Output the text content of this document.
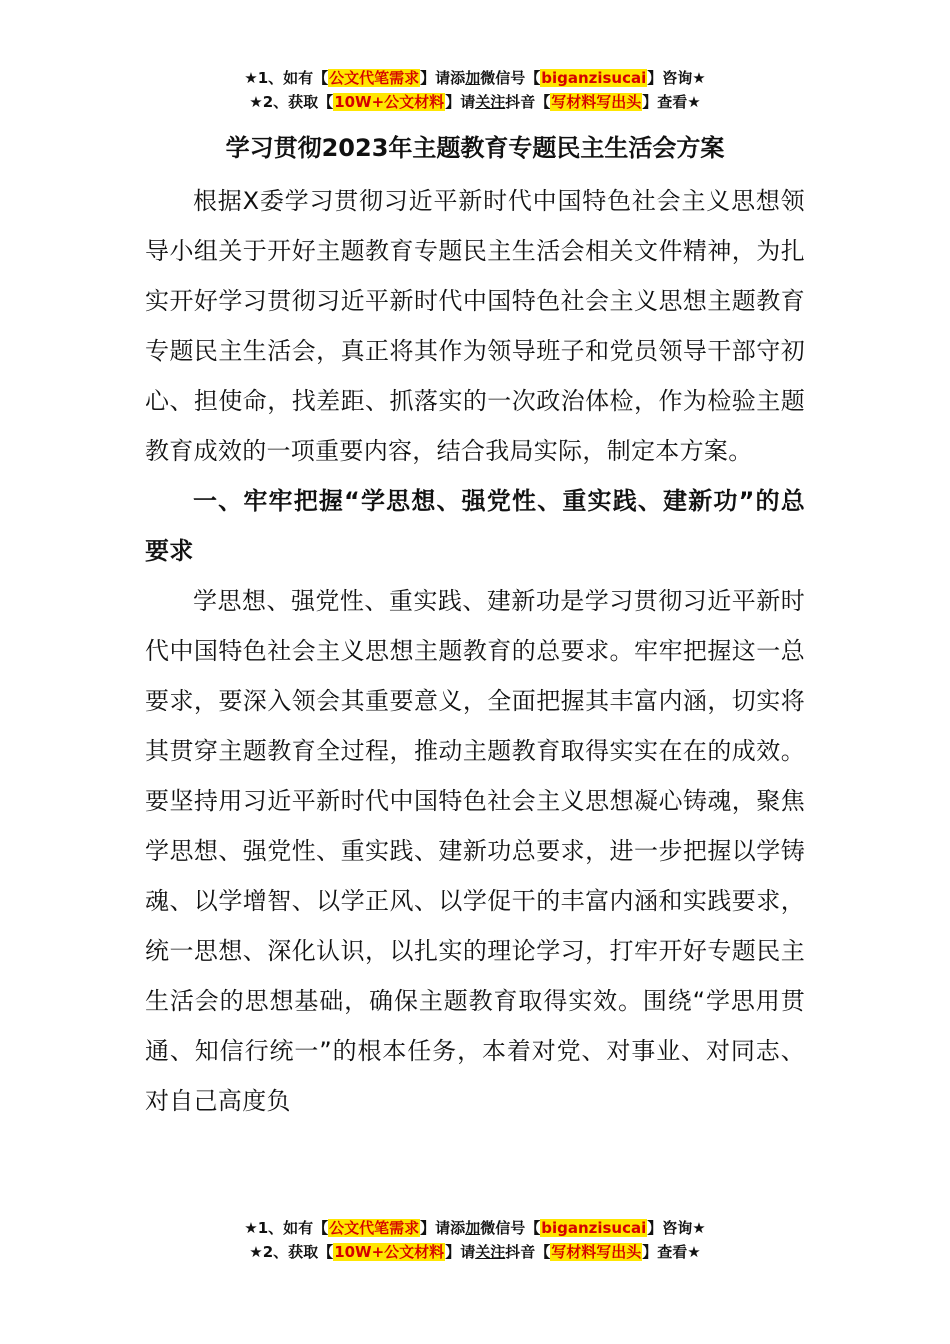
★1、如有【公文代笔需求】请添加微信号【biganzisucai】咨询★
★2、获取【10W+公文材料】请关注抖音【写材料写出头】查看★
学习贯彻2023年主题教育专题民主生活会方案

根据X委学习贯彻习近平新时代中国特色社会主义思想领导小组关于开好主题教育专题民主生活会相关文件精神，为扎实开好学习贯彻习近平新时代中国特色社会主义思想主题教育专题民主生活会，真正将其作为领导班子和党员领导干部守初心、担使命，找差距、抓落实的一次政治体检，作为检验主题教育成效的一项重要内容，结合我局实际，制定本方案。

一、牢牢把握“学思想、强党性、重实践、建新功”的总要求

学思想、强党性、重实践、建新功是学习贯彻习近平新时代中国特色社会主义思想主题教育的总要求。牢牢把握这一总要求，要深入领会其重要意义，全面把握其丰富内涵，切实将其贯穿主题教育全过程，推动主题教育取得实实在在的成效。要坚持用习近平新时代中国特色社会主义思想凝心铸魂，聚焦学思想、强党性、重实践、建新功总要求，进一步把握以学铸魂、以学增智、以学正风、以学促干的丰富内涵和实践要求，统一思想、深化认识，以扎实的理论学习，打牢开好专题民主生活会的思想基础，确保主题教育取得实效。围绕“学思用贯通、知信行统一”的根本任务，本着对党、对事业、对同志、对自己高度负

★1、如有【公文代笔需求】请添加微信号【biganzisucai】咨询★
★2、获取【10W+公文材料】请关注抖音【写材料写出头】查看★
